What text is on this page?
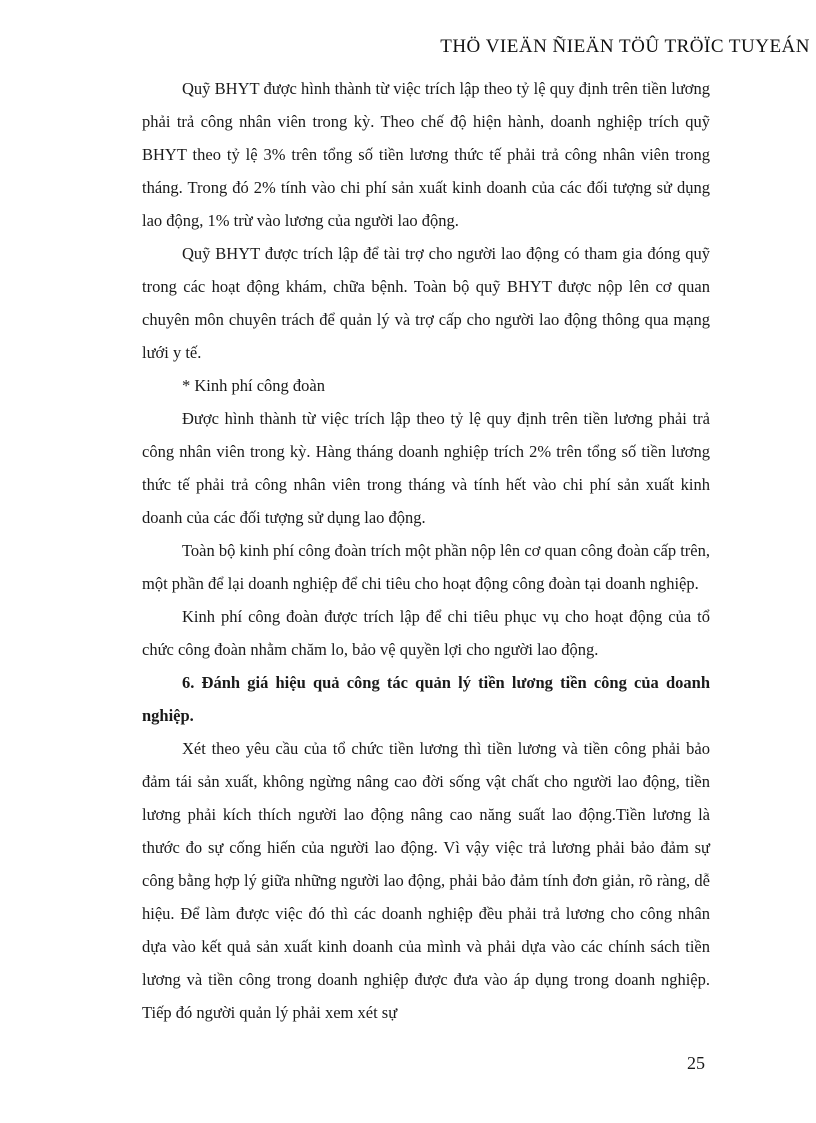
THÖ VIEÄN ÑIEÄN TÖÛ TRÖÏC TUYEÁN

Quỹ BHYT được hình thành từ việc trích lập theo tỷ lệ quy định trên tiền lương phải trả công nhân viên trong kỳ. Theo chế độ hiện hành, doanh nghiệp trích quỹ BHYT theo tỷ lệ 3% trên tổng số tiền lương thức tế phải trả công nhân viên trong tháng. Trong đó 2% tính vào chi phí sản xuất kinh doanh của các đối tượng sử dụng lao động, 1% trừ vào lương của người lao động.

Quỹ BHYT được trích lập để tài trợ cho người lao động có tham gia đóng quỹ trong các hoạt động khám, chữa bệnh. Toàn bộ quỹ BHYT được nộp lên cơ quan chuyên môn chuyên trách để quản lý và trợ cấp cho người lao động thông qua mạng lưới y tế.

* Kinh phí công đoàn

Được hình thành từ việc trích lập theo tỷ lệ quy định trên tiền lương phải trả công nhân viên trong kỳ. Hàng tháng doanh nghiệp trích 2% trên tổng số tiền lương thức tế phải trả công nhân viên trong tháng và tính hết vào chi phí sản xuất kinh doanh của các đối tượng sử dụng lao động.

Toàn bộ kinh phí công đoàn trích một phần nộp lên cơ quan công đoàn cấp trên, một phần để lại doanh nghiệp để chi tiêu cho hoạt động công đoàn tại doanh nghiệp.

Kinh phí công đoàn được trích lập để chi tiêu phục vụ cho hoạt động của tổ chức công đoàn nhằm chăm lo, bảo vệ quyền lợi cho người lao động.

6. Đánh giá hiệu quả công tác quản lý tiền lương tiền công của doanh nghiệp.

Xét theo yêu cầu của tổ chức tiền lương thì tiền lương và tiền công phải bảo đảm tái sản xuất, không ngừng nâng cao đời sống vật chất cho người lao động, tiền lương phải kích thích người lao động nâng cao năng suất lao động.Tiền lương là thước đo sự cống hiến của người lao động. Vì vậy việc trả lương phải bảo đảm sự công bằng hợp lý giữa những người lao động, phải bảo đảm tính đơn giản, rõ ràng, dễ hiệu. Để làm được việc đó thì các doanh nghiệp đều phải trả lương cho công nhân dựa vào kết quả sản xuất kinh doanh của mình và phải dựa vào các chính sách tiền lương và tiền công trong doanh nghiệp được đưa vào áp dụng trong doanh nghiệp. Tiếp đó người quản lý phải xem xét sự

25
